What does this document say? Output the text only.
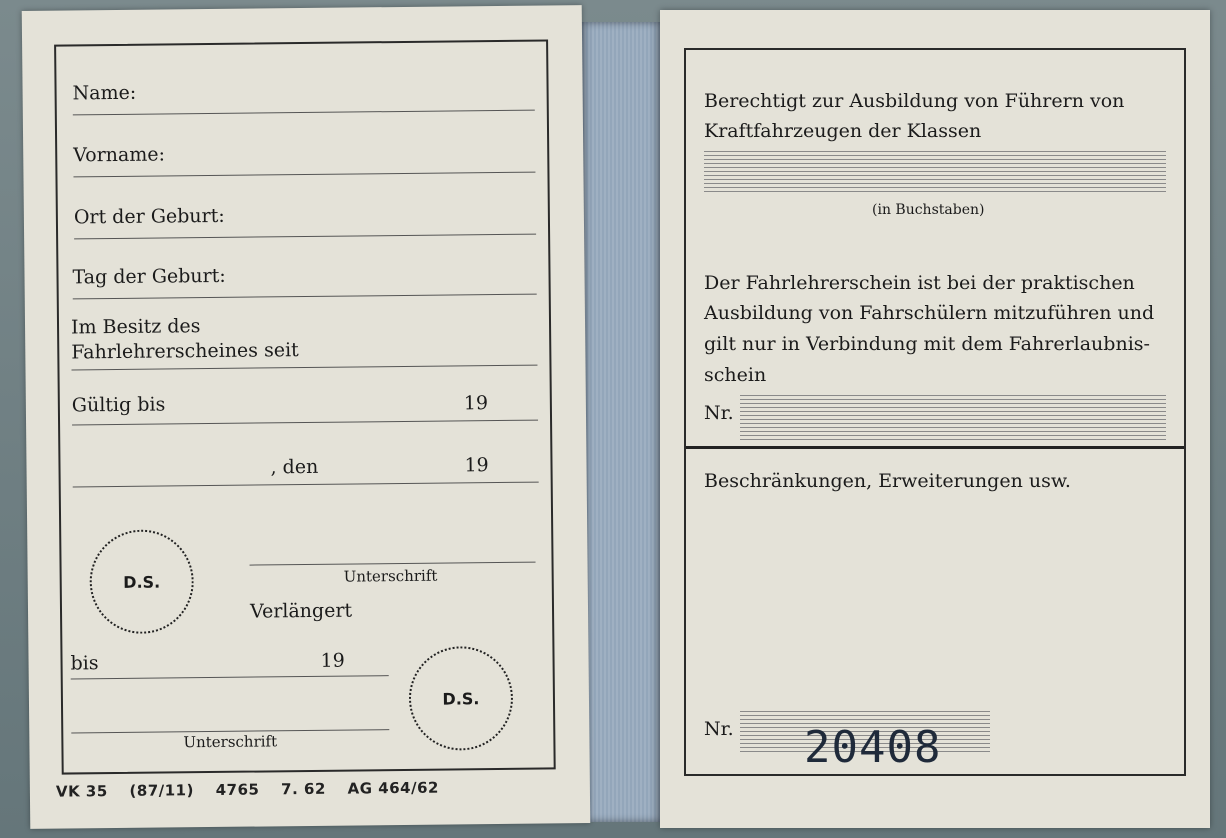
Name:
Vorname:
Ort der Geburt:
Tag der Geburt:
Im Besitz des
Fahrlehrerscheines seit
Gültig bis	19
, den	19
D.S.	Unterschrift
Verlängert
bis	19
D.S.
Unterschrift
VK 35 (87/11) 4765 7. 62 AG 464/62
Berechtigt zur Ausbildung von Führern von
Kraftfahrzeugen der Klassen
(in Buchstaben)
Der Fahrlehrerschein ist bei der praktischen
Ausbildung von Fahrschülern mitzuführen und
gilt nur in Verbindung mit dem Fahrerlaubnis-
schein
Nr.
Beschränkungen, Erweiterungen usw.
Nr. 20408
